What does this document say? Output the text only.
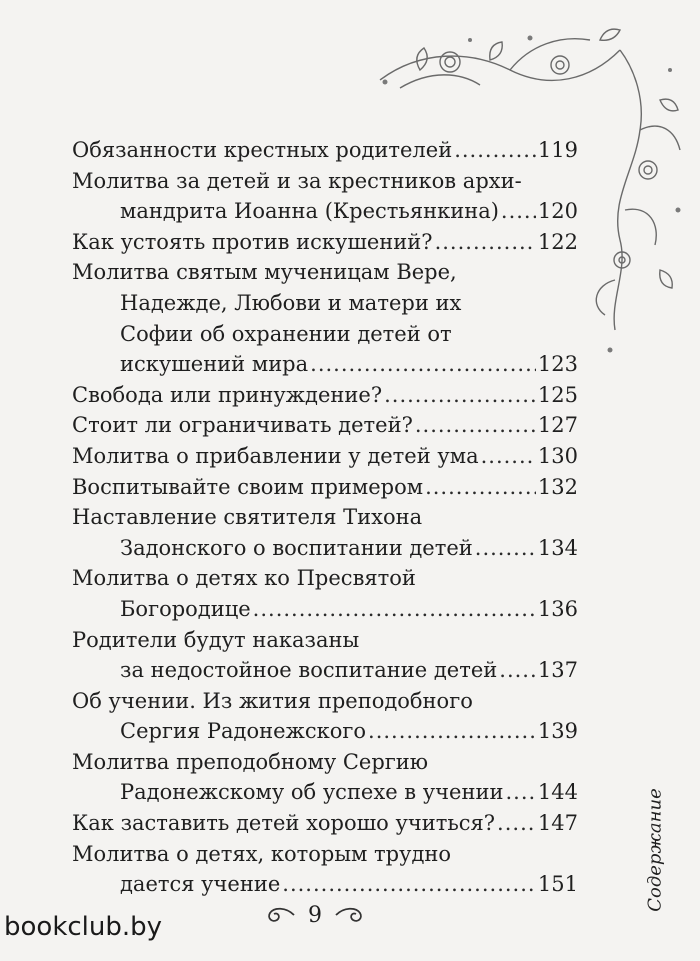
Обязанности крестных родителей .....	119
Молитва за детей и за крестников архи-
мандрита Иоанна (Крестьянкина) ..... 120
Как устоять против искушений? .....	122
Молитва святым мученицам Вере,
Надежде, Любови и матери их
Софии об охранении детей от
искушений мира .....	123
Свобода или принуждение? .....	125
Стоит ли ограничивать детей? .....	127
Молитва о прибавлении у детей ума .....	130
Воспитывайте своим примером .....	132
Наставление святителя Тихона
Задонского о воспитании детей .....	134
Молитва о детях ко Пресвятой
Богородице .....	136
Родители будут наказаны
за недостойное воспитание детей ..... 137
Об учении. Из жития преподобного
Сергия Радонежского .....	139
Молитва преподобному Сергию
Радонежскому об успехе в учении ..... 144
Как заставить детей хорошо учиться? ..... 147
Молитва о детях, которым трудно
дается учение .....	151	Содержание
9
bookclub.by
